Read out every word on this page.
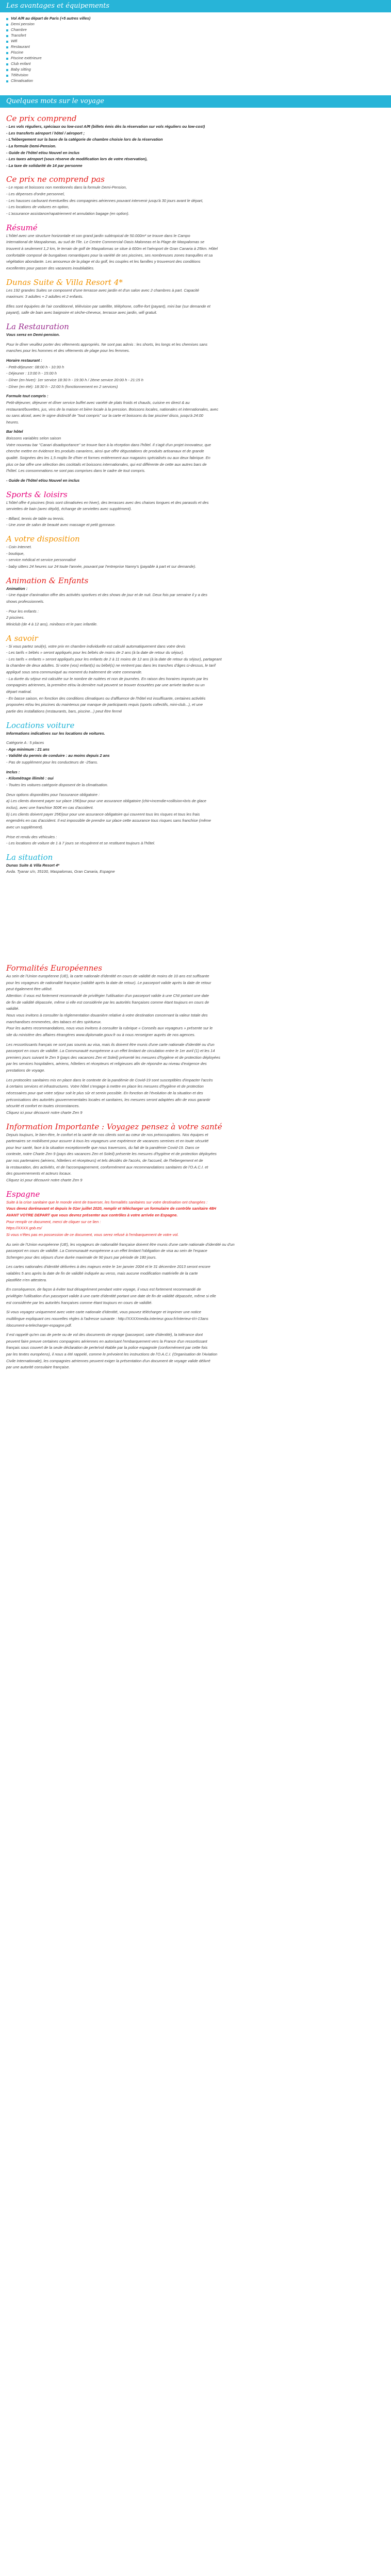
Les avantages et équipements
Vol A/R au départ de Paris (+5 autres villes)
Demi pension
Chambre
Transfert
Wifi
Restaurant
Piscine
Piscine extérieure
Club enfant
Baby sitting
Télévision
Climatisation
Quelques mots sur le voyage
Ce prix comprend
- Les vols réguliers, spéciaux ou low-cost A/R (billets émis dès la réservation sur vols réguliers ou low-cost)
- Les transferts aéroport / hôtel / aéroport ;
- L'hébergement sur la base de la catégorie de chambre choisie lors de la réservation
- La formule Demi-Pension.
- Guide de l'hôtel et/ou Nouvel en inclus
- Les taxes aéroport (sous réserve de modification lors de votre réservation),
- La taxe de solidarité de 14 par personne
Ce prix ne comprend pas
- Le repas et boissons non mentionnés dans la formule Demi-Pension,
- Les dépenses d'ordre personnel,
- Les hausses carburant éventuelles des compagnies aériennes pouvant intervenir jusqu'à 30 jours avant le départ,
- Les locations de voitures en option,
- L'assurance assistance/rapatriement et annulation bagage (en option).
Résumé
L'hôtel avec une structure horizontale et son grand jardin subtropical de 50.000m² se trouve dans le Campo
International de Maspalomas, au sud de l'île. Le Centre Commercial Oasis Maloneas et la Plage de Maspalomas se
trouvent à seulement 1,2 km, le terrain de golf de Maspalomas se situe à 600m et l'aéroport de Gran Canaria à 25km. Hôtel
confortable composé de bungalows romantiques pour la variété de ses piscines, ses nombreuses zones tranquilles et sa
végétation abondante. Les amoureux de la plage et du golf, les couples et les familles y trouveront des conditions
excellentes pour passer des vacances inoubliables.
Dunas Suite & Villa Resort 4*
Les 192 grandes Suites se composent d'une terrasse avec jardin et d'un salon avec 2 chambres à part. Capacité
maximum: 3 adultes + 2 adultes et 2 enfants.
Elles sont équipées de l'air conditionné, télévision par satellite, téléphone, coffre-fort (payant), mini bar (sur demande et
payant), salle de bain avec baignoire et sèche-cheveux, terrasse avec jardin, wifi gratuit.
La Restauration
Vous serez en Demi-pension.
Pour le dîner veuillez porter des vêtements appropriés. Ne sont pas admis : les shorts, les longs et les chemises sans
manches pour les hommes et des vêtements de plage pour les femmes.
Horaire restaurant :
- Petit-déjeuner: 08:00 h - 10:30 h
- Déjeuner : 13:00 h - 15:00 h
- Dîner (en hiver): 1er service 18:30 h - 19:30 h / 2ème service 20:00 h - 21:15 h
- Dîner (en été): 18:30 h - 22:00 h (fonctionnement en 2 services)
Formule tout compris :
Petit-déjeuner, déjeuner et dîner service buffet avec variété de plats froids et chauds, cuisine en direct & au
restaurant/buvettes, jus, vins de la maison et bière locale à la pression. Boissons locales, nationales et internationales, avec
ou sans alcool, avec le signe distinctif de "tout compris" sur la carte et boissons du bar piscine/ disco, jusqu'à 24:00
heures.
Bar hôtel
Boissons variables selon saison
Votre nouveau bar "Canari disadopcéance" se trouve face à la réception dans l'hôtel. Il s'agit d'un projet innovateur, que
cherche mettre en évidence les produits canariens, ainsi que offrir dégustations de produits artisanaux et de grande
qualité. Soignées des les 1,5 mojito île d'hier et formes entièrement aux magasins spécialisés ou aux deux fabrique. En
plus ce bar offre une sélection des cocktails et boissons internationales, qui est différente de cette aux autres bars de
l'hôtel. Les consommations ne sont pas comprises dans le cadre de tout compris.
- Guide de l'hôtel et/ou Nouvel en inclus
Sports & loisirs
L'hôtel offre 4 piscines (trois sont climatisées en hiver), des terrasses avec des chaises longues et des parasols et des
serviettes de bain (avec dépôt), échange de serviettes avec supplément).
- Billard, tennis de table ou tennis.
- Une zone de salon de beauté avec massage et petit gymnase.
A votre disposition
- Coin Internet.
- boutique,
- service médical et service personnalisé
- baby sitters 24 heures sur 24 toute l'année, pouvant par l'entreprise Nanny's (payable à part et sur demande).
Animation & Enfants
Animation :
- Une équipe d'animation offre des activités sportives et des shows de jour et de nuit. Deux fois par semaine il y a des
shows professionnels.
- Pour les enfants :
2 piscines.
Miniclub (de 4 à 12 ans), miniboco et le parc infantile.
A savoir
- Si vous partez seul(e), votre prix en chambre individuelle est calculé automatiquement dans votre devis
- Les tarifs « bébés » seront appliqués pour les bébés de moins de 2 ans (à la date de retour du séjour).
- Les tarifs « enfants » seront appliqués pour les enfants de 2 à 11 moins de 12 ans (à la date de retour du séjour), partageant
la chambre de deux adultes. Si votre (vos) enfant(s) ou bébé(s) ne rentrent pas dans les tranches d'âges ci-dessus, le tarif
appliqué sous sera communiqué au moment du traitement de votre commande.
- La durée du séjour est calculée sur le nombre de nuitées et non de journées. En raison des horaires imposés par les
compagnies aériennes, la première et/ou la dernière nuit peuvent se trouver écourtées par une arrivée tardive ou un
départ matinal.
- En basse saison, en fonction des conditions climatiques ou d'affluence de l'hôtel est insuffisante, certaines activités
proposées et/ou les piscines du maintenus par manque de participants requis (sports collectifs, mini-club...), et une
partie des installations (restaurants, bars, piscine...) peut être fermé
Locations voiture
Informations indicatives sur les locations de voitures.
Catégorie A : 5 places
- Age minimum : 21 ans
- Validité du permis de conduire : au moins depuis 2 ans
- Pas de supplément pour les conducteurs de -25ans.
Inclus :
- Kilométrage illimité : oui
- Toutes les voitures catégorie disposent de la climatisation.
Deux options disponibles pour l'assurance obligatoire :
a) Les clients donnent payer sur place 15€/jour pour une assurance obligatoire (chir+incendie+collision+bris de glace
inclus), avec une franchise 300€ en cas d'accident.
b) Les clients doivent payer 25€/jour pour une assurance obligatoire qui couvrent tous les risques et tous les frais
engendrés en cas d'accident. Il est impossible de prendre sur place cette assurance tous risques sans franchise (même
avec un supplément).
Prise et rendu des véhicules :
- Les locations de voiture de 1 à 7 jours se récupèrent et se restituent toujours à l'hôtel.
La situation
Dunas Suite & Villa Resort 4*
Avda. Tyanar s/n, 35100, Maspalomas, Gran Canaria, Espagne
Formalités Européennes
Au sein de l'Union européenne (UE), la carte nationale d'identité en cours de validité de moins de 10 ans est suffisante
pour les voyageurs de nationalité française (validité après la date de retour). Le passeport valide après la date de retour
peut également être utilisé.
Attention: il vous est fortement recommandé de privilégier l'utilisation d'un passeport valide à une CNI portant une date
de fin de validité dépassée, même si elle est considérée par les autorités françaises comme étant toujours en cours de
validité.
Nous vous invitons à consulter la réglementation douanière relative à votre destination concernant la valeur totale des
marchandises emmenées, des tabacs et des spiritueux.
Pour les autres recommandations, nous vous invitons à consulter la rubrique « Conseils aux voyageurs » présente sur le
site du ministère des affaires étrangères www.diplomatie.gouv.fr ou à nous renseigner auprès de nos agences.
Les ressortissants français ne sont pas soumis au visa, mais ils doivent être munis d'une carte nationale d'identité ou d'un
passeport en cours de validité. La Communauté européenne a un effet limitant de circulation entre le 1er avril (1) et les 14
premiers jours suivant le Zen 9 (pays des vacances Zen et Soleil) présenté les mesures d'hygiène et de protection déployées
par les services hospitaliers, aériens, hôteliers et récepteurs et religieuses afin de répondre au niveau d'exigence des
prestations de voyage.
Les protocoles sanitaires mis en place dans le contexte de la pandémie de Covid-19 sont susceptibles d'impacter l'accès
à certains services et infrastructures. Votre hôtel s'engage à mettre en place les mesures d'hygiène et de protection
nécessaires pour que votre séjour soit le plus sûr et serein possible. En fonction de l'évolution de la situation et des
préconisations des autorités gouvernementales locales et sanitaires, les mesures seront adaptées afin de vous garantir
sécurité et confort en toutes circonstances.
Cliquez ici pour découvrir notre charte Zen 9
Information Importante : Voyagez pensez à votre santé
Depuis toujours, le bien-être, le confort et la santé de nos clients sont au cœur de nos préoccupations. Nos équipes et
partenaires se mobilisent pour assurer à tous les voyageurs une expérience de vacances sereines et en toute sécurité
pour leur santé, face à la situation exceptionnelle que nous traversons, du fait de la pandémie Covid-19. Dans ce
contexte, notre Charte Zen 9 (pays des vacances Zen et Soleil) présente les mesures d'hygiène et de protection déployées
par nos partenaires (aériens, hôteliers et récepteurs) et tels décidés de l'accès, de l'accueil, de l'hébergement et de
la restauration, des activités, et de l'accompagnement, conformément aux recommandations sanitaires de l'O.A.C.I. et
des gouvernements et acteurs locaux.
Cliquez ici pour découvrir notre charte Zen 9
Espagne
Suite à la crise sanitaire que le monde vient de traverser, les formalités sanitaires sur votre destination ont changées :
Vous devez dorénavant et depuis le 01er juillet 2020, remplir et télécharger un formulaire de contrôle sanitaire 48H
AVANT VOTRE DEPART que vous devrez présenter aux contrôles à votre arrivée en Espagne.
Pour remplir ce document, merci de cliquer sur ce lien :
https://XXXX.gob.es/
Si vous n'êtes pas en possession de ce document, vous serez refusé à l'embarquement de votre vol.
Au sein de l'Union européenne (UE), les voyageurs de nationalité française doivent être munis d'une carte nationale d'identité ou d'un
passeport en cours de validité. La Communauté européenne a un effet limitant l'obligation de visa au sein de l'espace
Schengen pour des séjours d'une durée maximale de 90 jours par période de 180 jours.
Les cartes nationales d'identité délivrées à des majeurs entre le 1er janvier 2004 et le 31 décembre 2013 seront encore
valables 5 ans après la date de fin de validité indiquée au verso, mais aucune modification matérielle de la carte
plastifiée n'en attestera.
En conséquence, de façon à éviter tout désagrément pendant votre voyage, il vous est fortement recommandé de
privilégier l'utilisation d'un passeport valide à une carte d'identité portant une date de fin de validité dépassée, même si elle
est considérée par les autorités françaises comme étant toujours en cours de validité.
Si vous voyagez uniquement avec votre carte nationale d'identité, vous pouvez télécharger et imprimer une notice
multilingue expliquant ces nouvelles règles à l'adresse suivante : http://XXXXmedia.interieur.gouv.fr/interieur-t/ri-13ans
/document-a-telecharger-espagne.pdf.
Il est rappelé qu'en cas de perte ou de vol des documents de voyage (passeport, carte d'identité), la tolérance dont
peuvent faire preuve certaines compagnies aériennes en autorisant l'embarquement vers la France d'un ressortissant
français sous couvert de la seule déclaration de perte/vol établie par la police espagnole (conformément par cette fois
par les textes européens), il nous a été rappelé, comme le prévoient les instructions de l'O.A.C.I. (Organisation de l'Aviation
Civile Internationale), les compagnies aériennes peuvent exiger la présentation d'un document de voyage valide délivré
par une autorité consulaire française.
